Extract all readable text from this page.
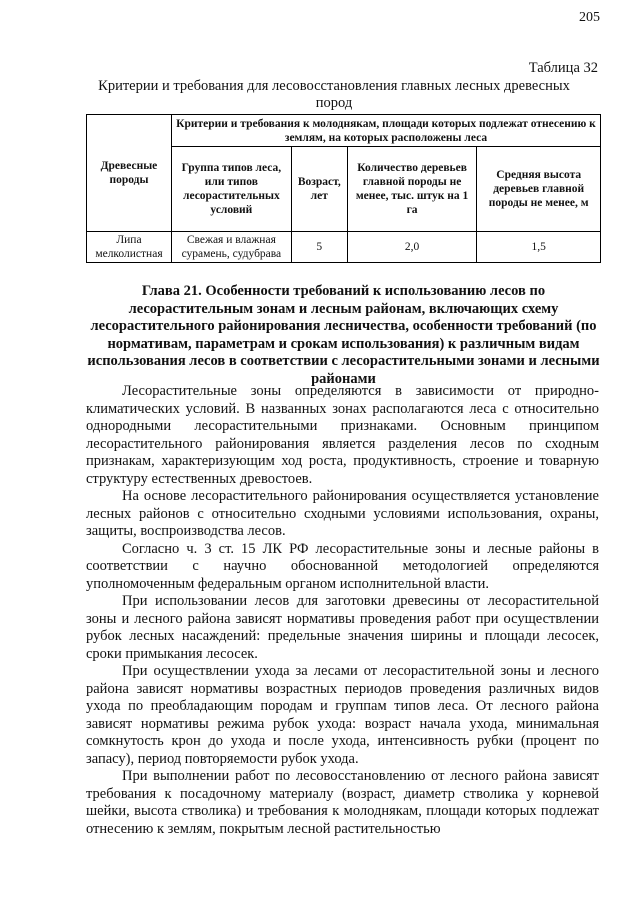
205
Таблица 32
Критерии и требования для лесовосстановления главных лесных древесных пород
Древесные породы	Критерии и требования к молоднякам, площади которых подлежат отнесению к землям, на которых расположены леса			
	Группа типов леса, или типов лесорастительных условий	Возраст, лет	Количество деревьев главной породы не менее, тыс. штук на 1 га	Средняя высота деревьев главной породы не менее, м
Липа мелколистная	Свежая и влажная сурамень, судубрава	5	2,0	1,5
Глава 21. Особенности требований к использованию лесов по лесорастительным зонам и лесным районам, включающих схему лесорастительного районирования лесничества, особенности требований (по нормативам, параметрам и срокам использования) к различным видам использования лесов в соответствии с лесорастительными зонами и лесными районами

Лесорастительные зоны определяются в зависимости от природно-климатических условий. В названных зонах располагаются леса с относительно однородными лесорастительными признаками. Основным принципом лесорастительного районирования является разделения лесов по сходным признакам, характеризующим ход роста, продуктивность, строение и товарную структуру естественных древостоев.

На основе лесорастительного районирования осуществляется установление лесных районов с относительно сходными условиями использования, охраны, защиты, воспроизводства лесов.

Согласно ч. 3 ст. 15 ЛК РФ лесорастительные зоны и лесные районы в соответствии с научно обоснованной методологией определяются уполномоченным федеральным органом исполнительной власти.

При использовании лесов для заготовки древесины от лесорастительной зоны и лесного района зависят нормативы проведения работ при осуществлении рубок лесных насаждений: предельные значения ширины и площади лесосек, сроки примыкания лесосек.

При осуществлении ухода за лесами от лесорастительной зоны и лесного района зависят нормативы возрастных периодов проведения различных видов ухода по преобладающим породам и группам типов леса. От лесного района зависят нормативы режима рубок ухода: возраст начала ухода, минимальная сомкнутость крон до ухода и после ухода, интенсивность рубки (процент по запасу), период повторяемости рубок ухода.

При выполнении работ по лесовосстановлению от лесного района зависят требования к посадочному материалу (возраст, диаметр стволика у корневой шейки, высота стволика) и требования к молоднякам, площади которых подлежат отнесению к землям, покрытым лесной растительностью
